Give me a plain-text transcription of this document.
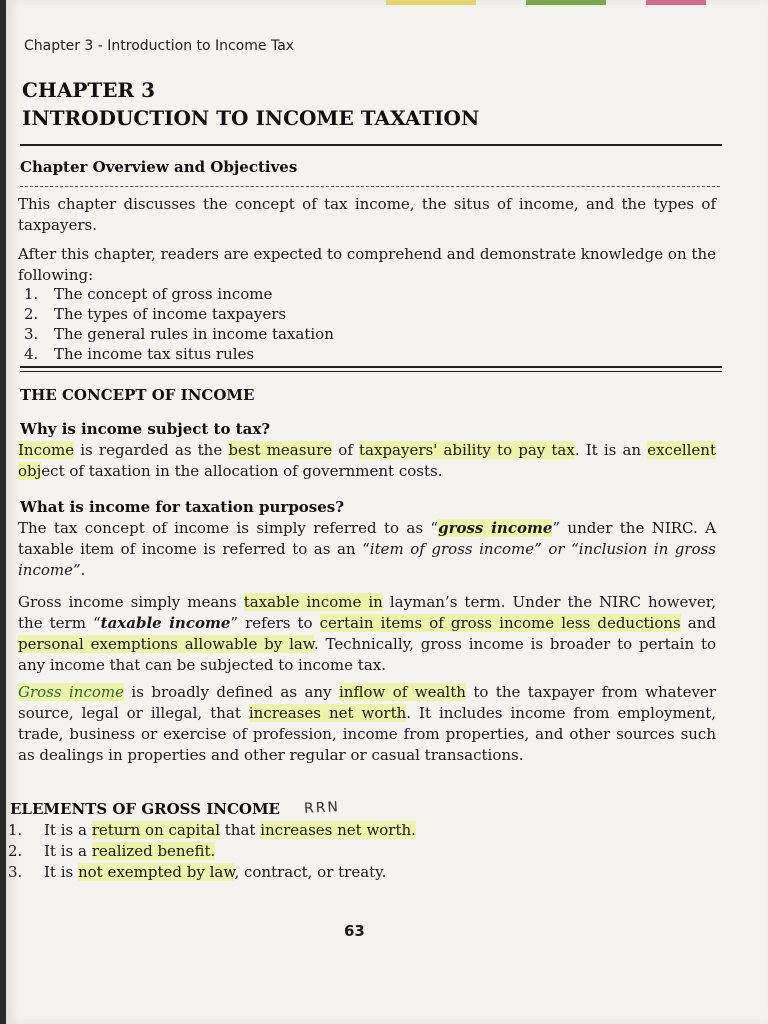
Chapter 3 - Introduction to Income Tax
CHAPTER 3
INTRODUCTION TO INCOME TAXATION
Chapter Overview and Objectives
This chapter discusses the concept of tax income, the situs of income, and the types of taxpayers.
After this chapter, readers are expected to comprehend and demonstrate knowledge on the following:
1. The concept of gross income
2. The types of income taxpayers
3. The general rules in income taxation
4. The income tax situs rules
THE CONCEPT OF INCOME
Why is income subject to tax?
Income is regarded as the best measure of taxpayers' ability to pay tax. It is an excellent object of taxation in the allocation of government costs.
What is income for taxation purposes?
The tax concept of income is simply referred to as “gross income” under the NIRC. A taxable item of income is referred to as an “item of gross income” or “inclusion in gross income”.
Gross income simply means taxable income in layman’s term. Under the NIRC however, the term “taxable income” refers to certain items of gross income less deductions and personal exemptions allowable by law. Technically, gross income is broader to pertain to any income that can be subjected to income tax.
Gross income is broadly defined as any inflow of wealth to the taxpayer from whatever source, legal or illegal, that increases net worth. It includes income from employment, trade, business or exercise of profession, income from properties, and other sources such as dealings in properties and other regular or casual transactions.
ELEMENTS OF GROSS INCOME RRN
1. It is a return on capital that increases net worth.
2. It is a realized benefit.
3. It is not exempted by law, contract, or treaty.
63
